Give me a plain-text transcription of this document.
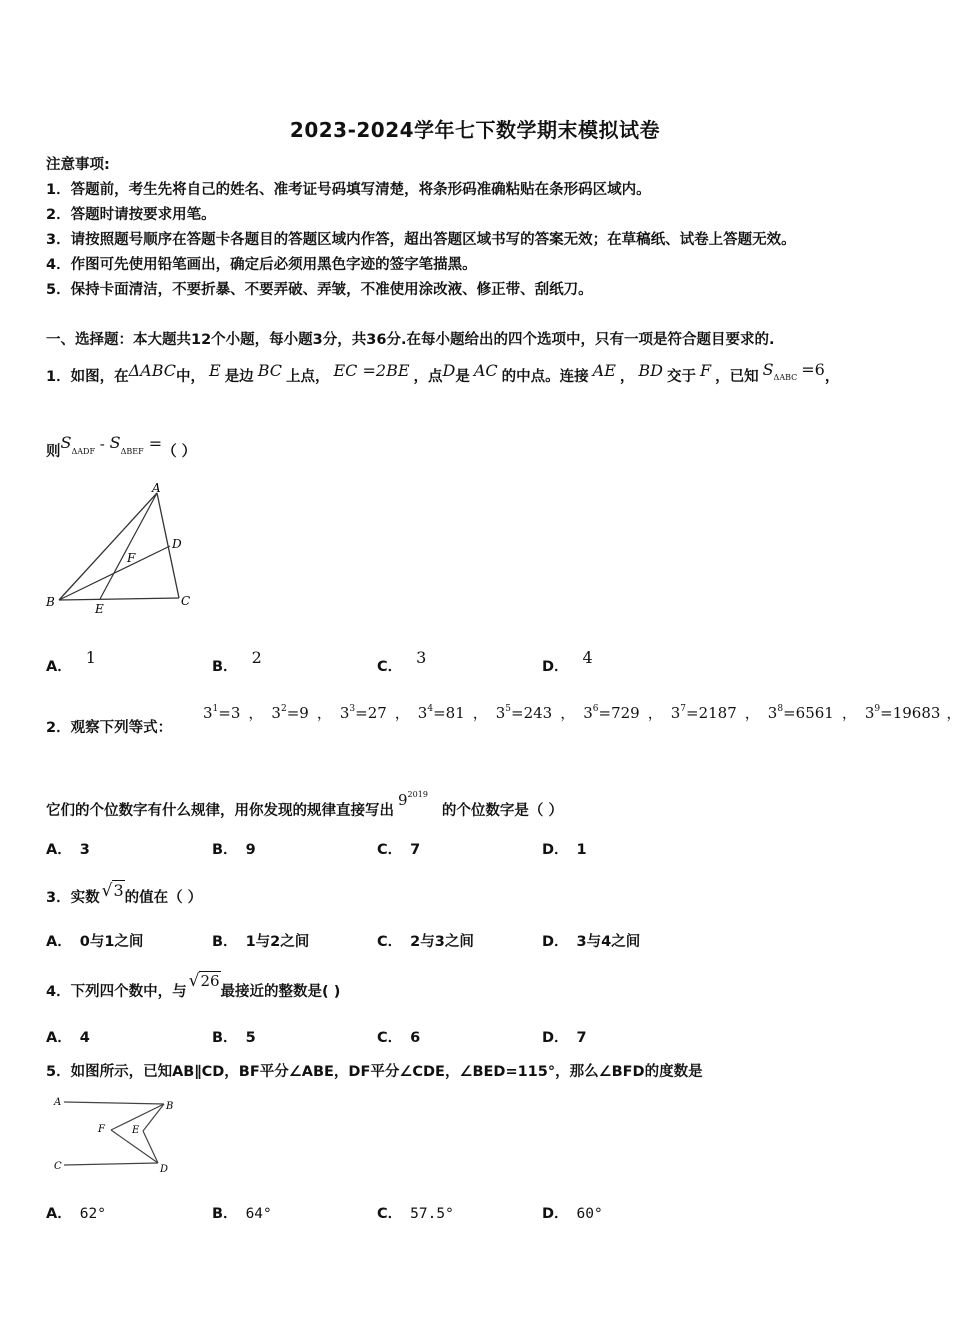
2023-2024学年七下数学期末模拟试卷
注意事项:
1．答题前，考生先将自己的姓名、准考证号码填写清楚，将条形码准确粘贴在条形码区域内。
2．答题时请按要求用笔。
3．请按照题号顺序在答题卡各题目的答题区域内作答，超出答题区域书写的答案无效；在草稿纸、试卷上答题无效。
4．作图可先使用铅笔画出，确定后必须用黑色字迹的签字笔描黑。
5．保持卡面清洁，不要折暴、不要弄破、弄皱，不准使用涂改液、修正带、刮纸刀。
一、选择题：本大题共12个小题，每小题3分，共36分.在每小题给出的四个选项中，只有一项是符合题目要求的.
1．如图，在ΔABC中， E 是边 BC 上点， EC =2BE ，点D是 AC 的中点。连接 AE ， BD 交于 F ，已知 SΔABC =6，
则SΔADF - SΔBEF =（ ）
A
B	C
D
E
F
A． 1	B． 2	C． 3	D． 4
2．观察下列等式：
$3^1=3$ ， $3^2=9$ ， $3^3=27$ ， $3^4=81$ ， $3^5=243$ ， $3^6=729$ ， $3^7=2187$ ， $3^8=6561$ ， $3^9=19683$ ，
它们的个位数字有什么规律，用你发现的规律直接写出$9^{2019}$的个位数字是（ ）
A． 3	B． 9	C． 7	D． 1
3．实数 √3的值在（ ）
A． 0与1之间	B． 1与2之间	C． 2与3之间	D． 3与4之间
4．下列四个数中，与√26最接近的整数是( )
A． 4	B． 5	C． 6	D． 7
5．如图所示，已知AB∥CD，BF平分∠ABE，DF平分∠CDE，∠BED=115°，那么∠BFD的度数是
A	B
C	D
E
F
A． 62°	B． 64°	C． 57.5°	D． 60°
